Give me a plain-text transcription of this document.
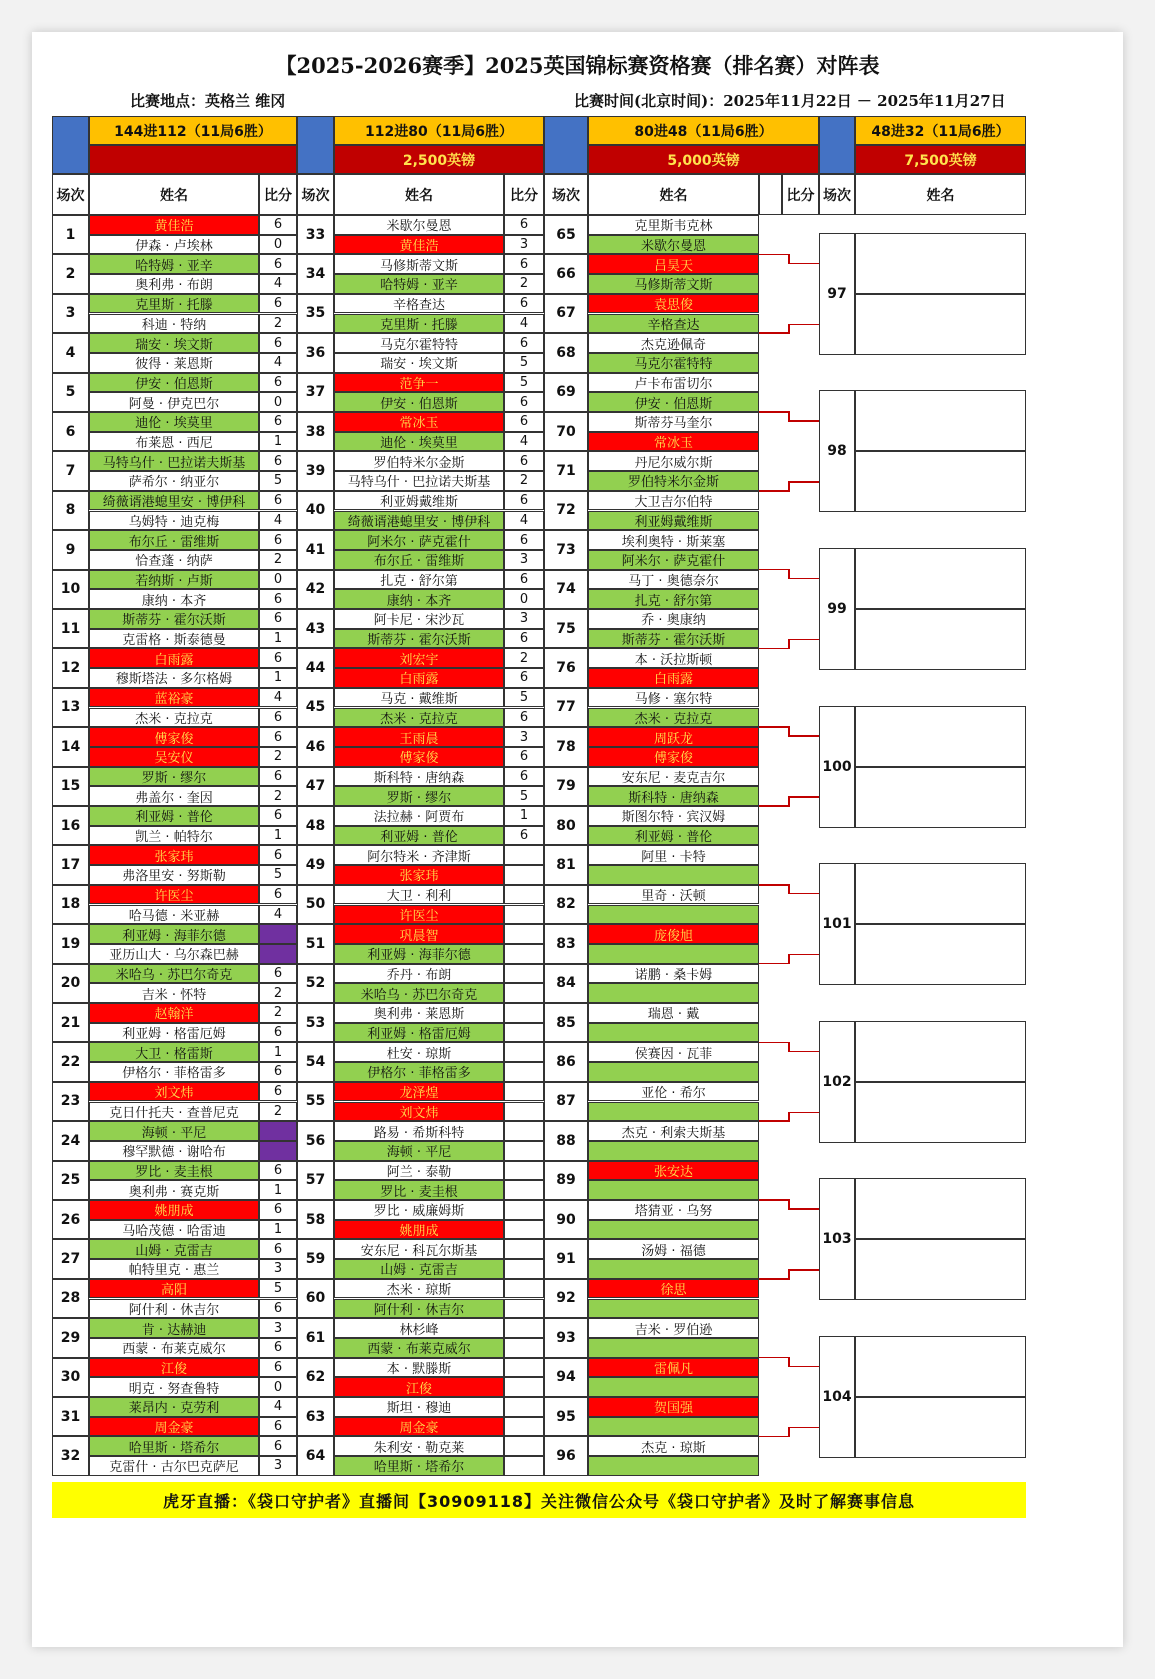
【2025-2026赛季】2025英国锦标赛资格赛（排名赛）对阵表
比赛地点：英格兰 维冈	比赛时间(北京时间)：2025年11月22日 － 2025年11月27日
144进112（11局6胜）	112进80（11局6胜）
2,500英镑
80进48（11局6胜）
5,000英镑
48进32（11局6胜）
7,500英镑
场次	姓名	比分 场次	姓名	比分	场次	姓名	比分 场次	姓名
1	黄佳浩	6
伊森 · 卢埃林	0
2	哈特姆 · 亚辛	6
奥利弗 · 布朗	4
3	克里斯 · 托滕	6
科迪 · 特纳	2
4	瑞安 · 埃文斯	6
彼得 · 莱恩斯	4
5	伊安 · 伯恩斯	6
阿曼 · 伊克巴尔	0
6	迪伦 · 埃莫里	6
布莱恩 · 西尼	1
7	马特乌什 · 巴拉诺夫斯基	6
萨希尔 · 纳亚尔	5
8	绮薇谞港螅里安 · 博伊科	6
乌姆特 · 迪克梅	4
9	布尔丘 · 雷维斯	6
恰查蓬 · 纳萨	2
10	若纳斯 · 卢斯	0
康纳 · 本齐	6
11	斯蒂芬 · 霍尔沃斯	6
克雷格 · 斯泰德曼	1
12	白雨露	6
穆斯塔法 · 多尔格姆	1
13	蓝裕豪	4
杰米 · 克拉克	6
14	傅家俊	6
吴安仪	2
15	罗斯 · 缪尔	6
弗盖尔 · 奎因	2
16	利亚姆 · 普伦	6
凯兰 · 帕特尔	1
17	张家玮	6
弗洛里安 · 努斯勒	5
18	许医尘	6
哈马德 · 米亚赫	4
19	利亚姆 · 海菲尔德
亚历山大 · 乌尔森巴赫
20	米哈乌 · 苏巴尔奇克	6
吉米 · 怀特	2
21	赵翰洋	2
利亚姆 · 格雷厄姆	6
22	大卫 · 格雷斯	1
伊格尔 · 菲格雷多	6
23	刘文炜	6
克日什托夫 · 查普尼克	2
24	海顿 · 平尼
穆罕默德 · 谢哈布
25	罗比 · 麦圭根	6
奥利弗 · 赛克斯	1
26	姚朋成	6
马哈茂德 · 哈雷迪	1
27	山姆 · 克雷吉	6
帕特里克 · 惠兰	3
28	高阳	5
阿什利 · 休吉尔	6
29	肯 · 达赫迪	3
西蒙 · 布莱克威尔	6
30	江俊	6
明克 · 努查鲁特	0
31	莱昂内 · 克劳利	4
周金豪	6
32	哈里斯 · 塔希尔	6
克雷什 · 古尔巴克萨尼	3
33	米歇尔曼恩	6
黄佳浩	3
34	马修斯蒂文斯	6
哈特姆 · 亚辛	2
35	辛格查达	6
克里斯 · 托滕	4
36	马克尔霍特特	6
瑞安 · 埃文斯	5
37	范争一	5
伊安 · 伯恩斯	6
38	常冰玉	6
迪伦 · 埃莫里	4
39	罗伯特米尔金斯	6
马特乌什 · 巴拉诺夫斯基	2
40	利亚姆戴维斯	6
绮薇谞港螅里安 · 博伊科	4
41	阿米尔 · 萨克霍什	6
布尔丘 · 雷维斯	3
42	扎克 · 舒尔第	6
康纳 · 本齐	0
43	阿卡尼 · 宋沙瓦	3
斯蒂芬 · 霍尔沃斯	6
44	刘宏宇	2
白雨露	6
45	马克 · 戴维斯	5
杰米 · 克拉克	6
46	王雨晨	3
傅家俊	6
47	斯科特 · 唐纳森	6
罗斯 · 缪尔	5
48	法拉赫 · 阿贾布	1
利亚姆 · 普伦	6
49	阿尔特米 · 齐津斯
张家玮
50	大卫 · 利利
许医尘
51	巩晨智
利亚姆 · 海菲尔德
52	乔丹 · 布朗
米哈乌 · 苏巴尔奇克
53	奥利弗 · 莱恩斯
利亚姆 · 格雷厄姆
54	杜安 · 琼斯
伊格尔 · 菲格雷多
55	龙泽煌
刘文炜
56	路易 · 希斯科特
海顿 · 平尼
57	阿兰 · 泰勒
罗比 · 麦圭根
58	罗比 · 威廉姆斯
姚朋成
59	安东尼 · 科瓦尔斯基
山姆 · 克雷吉
60	杰米 · 琼斯
阿什利 · 休吉尔
61	林杉峰
西蒙 · 布莱克威尔
62	本 · 默滕斯
江俊
63	斯坦 · 穆迪
周金豪
64	朱利安 · 勒克莱
哈里斯 · 塔希尔
65	克里斯韦克林
米歇尔曼恩
66	吕昊天
马修斯蒂文斯
67	袁思俊
辛格查达
68	杰克逊佩奇
马克尔霍特特
69	卢卡布雷切尔
伊安 · 伯恩斯
70	斯蒂芬马奎尔
常冰玉
71	丹尼尔威尔斯
罗伯特米尔金斯
72	大卫吉尔伯特
利亚姆戴维斯
73	埃利奥特 · 斯莱塞
阿米尔 · 萨克霍什
74	马丁 · 奥德奈尔
扎克 · 舒尔第
75	乔 · 奥康纳
斯蒂芬 · 霍尔沃斯
76	本 · 沃拉斯顿
白雨露
77	马修 · 塞尔特
杰米 · 克拉克
78	周跃龙
傅家俊
79	安东尼 · 麦克吉尔
斯科特 · 唐纳森
80	斯图尔特 · 宾汉姆
利亚姆 · 普伦
81	阿里 · 卡特
82	里奇 · 沃顿
83	庞俊旭
84	诺鹏 · 桑卡姆
85	瑞恩 · 戴
86	侯赛因 · 瓦菲
87	亚伦 · 希尔
88	杰克 · 利索夫斯基
89	张安达
90	塔猜亚 · 乌努
91	汤姆 · 福德
92	徐思
93	吉米 · 罗伯逊
94	雷佩凡
95	贺国强
96	杰克 · 琼斯
97
98
99
100
101
102
103
104
虎牙直播：《袋口守护者》直播间【30909118】关注微信公众号《袋口守护者》及时了解赛事信息
